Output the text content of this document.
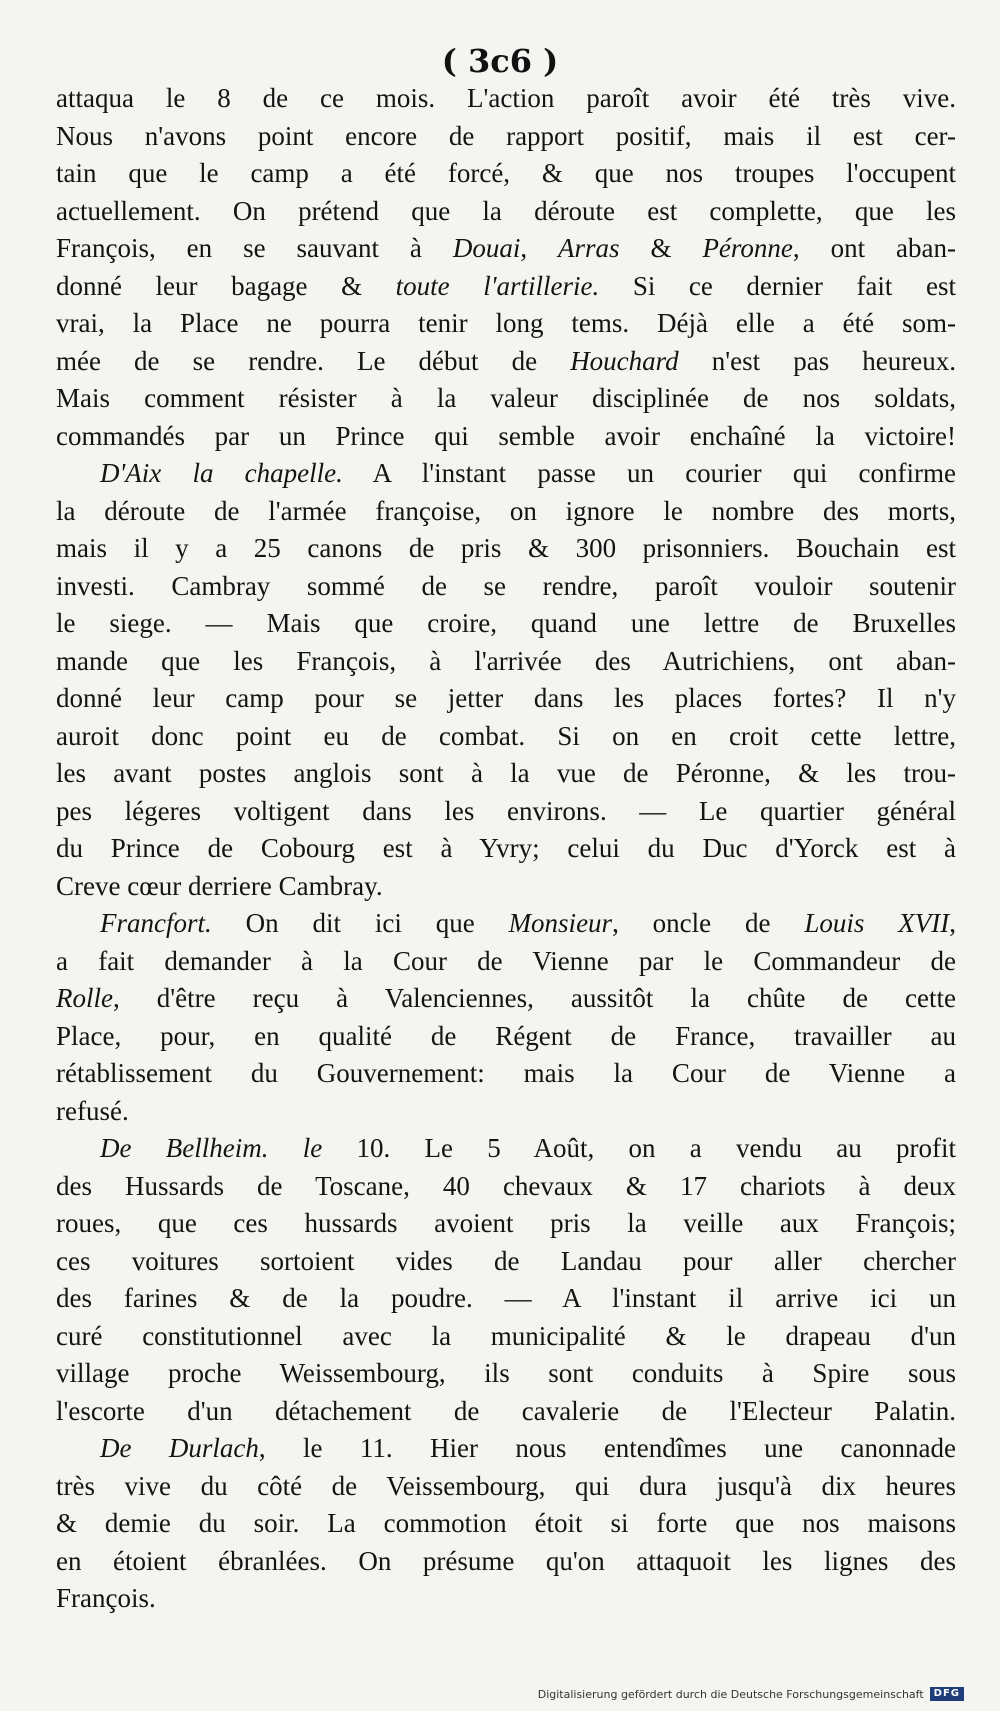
( 3c6 )
attaqua le 8 de ce mois. L'action paroît avoir été très vive.
Nous n'avons point encore de rapport positif, mais il est cer-
tain que le camp a été forcé, & que nos troupes l'occupent
actuellement. On prétend que la déroute est complette, que les
François, en se sauvant à Douai, Arras & Péronne, ont aban-
donné leur bagage & toute l'artillerie. Si ce dernier fait est
vrai, la Place ne pourra tenir long tems. Déjà elle a été som-
mée de se rendre. Le début de Houchard n'est pas heureux.
Mais comment résister à la valeur disciplinée de nos soldats,
commandés par un Prince qui semble avoir enchaîné la victoire!
D'Aix la chapelle. A l'instant passe un courier qui confirme
la déroute de l'armée françoise, on ignore le nombre des morts,
mais il y a 25 canons de pris & 300 prisonniers. Bouchain est
investi. Cambray sommé de se rendre, paroît vouloir soutenir
le siege. — Mais que croire, quand une lettre de Bruxelles
mande que les François, à l'arrivée des Autrichiens, ont aban-
donné leur camp pour se jetter dans les places fortes? Il n'y
auroit donc point eu de combat. Si on en croit cette lettre,
les avant postes anglois sont à la vue de Péronne, & les trou-
pes légeres voltigent dans les environs. — Le quartier général
du Prince de Cobourg est à Yvry; celui du Duc d'Yorck est à
Creve cœur derriere Cambray.
Francfort. On dit ici que Monsieur, oncle de Louis XVII,
a fait demander à la Cour de Vienne par le Commandeur de
Rolle, d'être reçu à Valenciennes, aussitôt la chûte de cette
Place, pour, en qualité de Régent de France, travailler au
rétablissement du Gouvernement: mais la Cour de Vienne a
refusé.
De Bellheim. le 10. Le 5 Août, on a vendu au profit
des Hussards de Toscane, 40 chevaux & 17 chariots à deux
roues, que ces hussards avoient pris la veille aux François;
ces voitures sortoient vides de Landau pour aller chercher
des farines & de la poudre. — A l'instant il arrive ici un
curé constitutionnel avec la municipalité & le drapeau d'un
village proche Weissembourg, ils sont conduits à Spire sous
l'escorte d'un détachement de cavalerie de l'Electeur Palatin.
De Durlach, le 11. Hier nous entendîmes une canonnade
très vive du côté de Veissembourg, qui dura jusqu'à dix heures
& demie du soir. La commotion étoit si forte que nos maisons
en étoient ébranlées. On présume qu'on attaquoit les lignes des
François.
Digitalisierung gefördert durch die Deutsche Forschungsgemeinschaft	DFG
